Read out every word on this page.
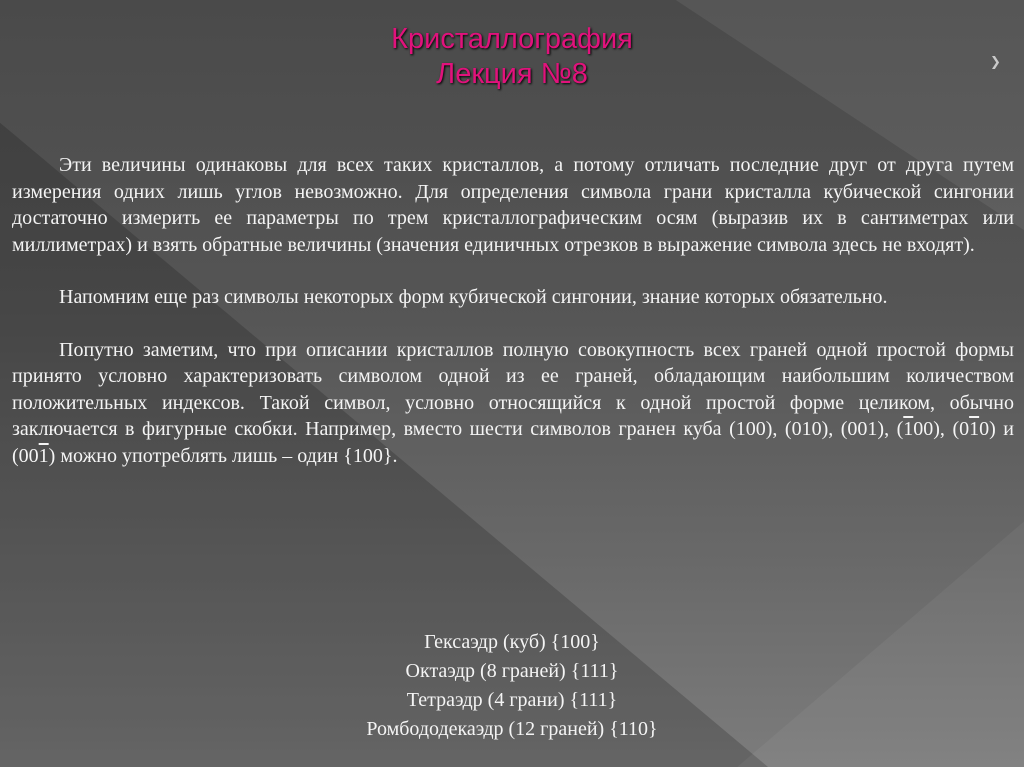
Кристаллография
Лекция №8	❯

Эти величины одинаковы для всех таких кристаллов, а потому отличать последние друг от друга путем измерения одних лишь углов невозможно. Для определения символа грани кристалла кубической сингонии достаточно измерить ее параметры по трем кристаллографическим осям (выразив их в сантиметрах или миллиметрах) и взять обратные величины (значения единичных отрезков в выражение символа здесь не входят).

Напомним еще раз символы некоторых форм кубической сингонии, знание которых обязательно.

Попутно заметим, что при описании кристаллов полную совокупность всех граней одной простой формы принято условно характеризовать символом одной из ее граней, обладающим наибольшим количеством положительных индексов. Такой символ, условно относящийся к одной простой форме целиком, обычно заключается в фигурные скобки. Например, вместо шести символов гранен куба (100), (010), (001), (100), (010) и (001) можно употреблять лишь – один {100}.

Гексаэдр (куб) {100}
Октаэдр (8 граней) {111}
Тетраэдр (4 грани) {111}
Ромбододекаэдр (12 граней) {110}
